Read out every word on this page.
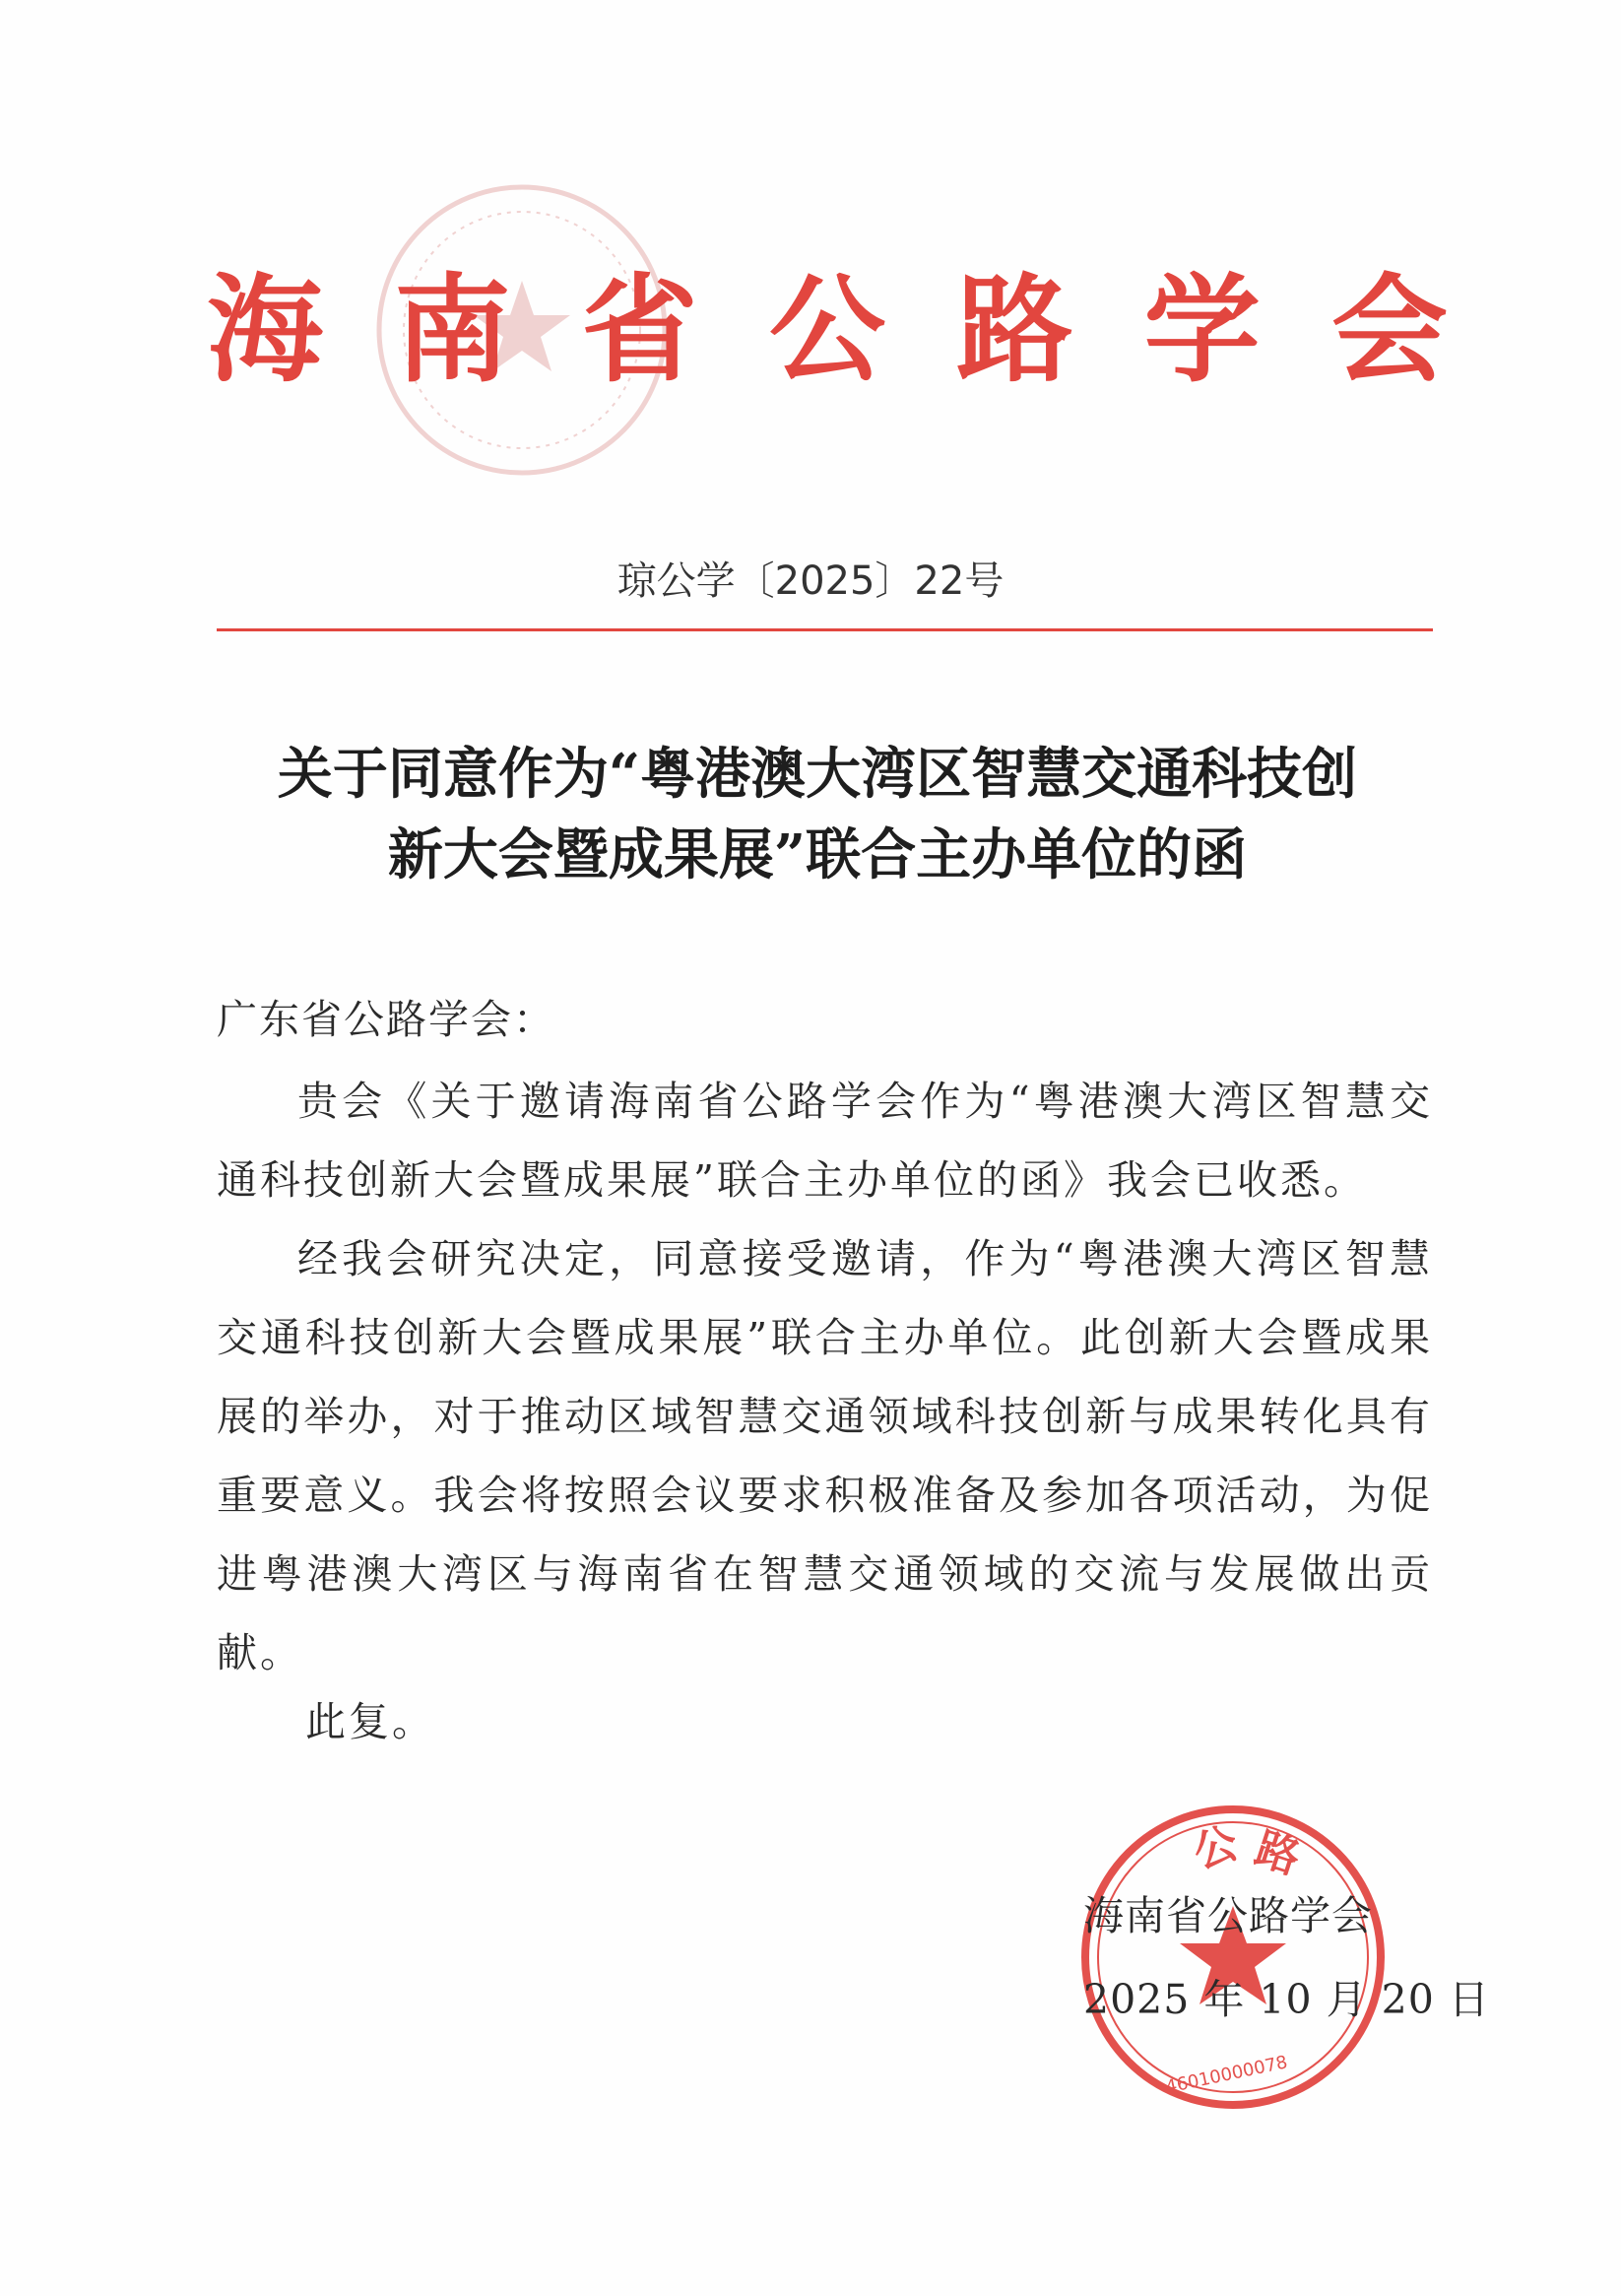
海 南 省 公 路 学 会
琼公学〔2025〕22号
关于同意作为“粤港澳大湾区智慧交通科技创
新大会暨成果展”联合主办单位的函
广东省公路学会：

贵会《关于邀请海南省公路学会作为“粤港澳大湾区智慧交通科技创新大会暨成果展”联合主办单位的函》我会已收悉。

经我会研究决定，同意接受邀请，作为“粤港澳大湾区智慧交通科技创新大会暨成果展”联合主办单位。此创新大会暨成果展的举办，对于推动区域智慧交通领域科技创新与成果转化具有重要意义。我会将按照会议要求积极准备及参加各项活动，为促进粤港澳大湾区与海南省在智慧交通领域的交流与发展做出贡献。

此复。
公 路
46010000078
海南省公路学会
2025 年 10 月 20 日
